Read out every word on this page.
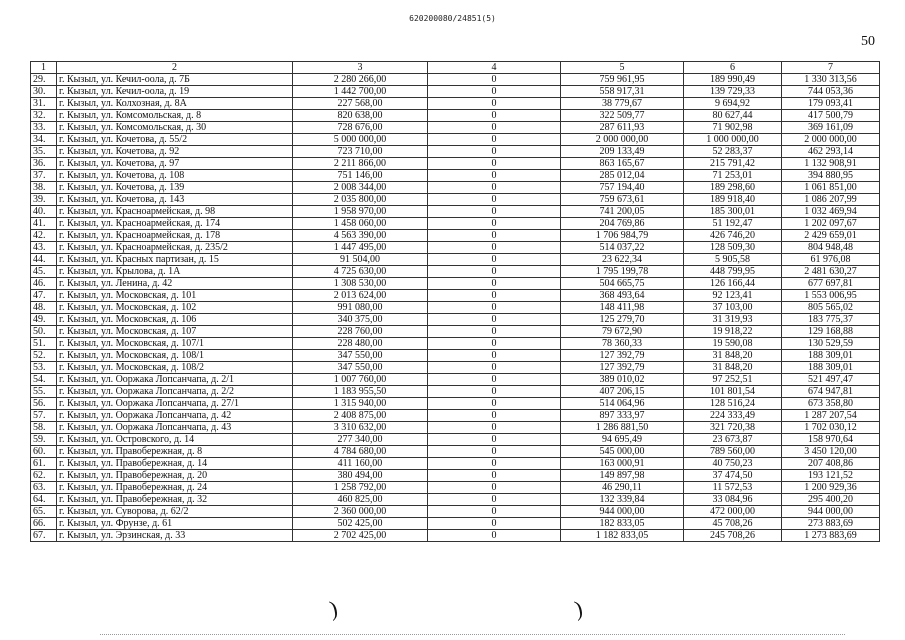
620200080/24851(5)
50
1	2	3	4	5	6	7
29.	г. Кызыл, ул. Кечил-оола, д. 7Б	2 280 266,00	0	759 961,95	189 990,49	1 330 313,56
30.	г. Кызыл, ул. Кечил-оола, д. 19	1 442 700,00	0	558 917,31	139 729,33	744 053,36
31.	г. Кызыл, ул. Колхозная, д. 8А	227 568,00	0	38 779,67	9 694,92	179 093,41
32.	г. Кызыл, ул. Комсомольская, д. 8	820 638,00	0	322 509,77	80 627,44	417 500,79
33.	г. Кызыл, ул. Комсомольская, д. 30	728 676,00	0	287 611,93	71 902,98	369 161,09
34.	г. Кызыл, ул. Кочетова, д. 55/2	5 000 000,00	0	2 000 000,00	1 000 000,00	2 000 000,00
35.	г. Кызыл, ул. Кочетова, д. 92	723 710,00	0	209 133,49	52 283,37	462 293,14
36.	г. Кызыл, ул. Кочетова, д. 97	2 211 866,00	0	863 165,67	215 791,42	1 132 908,91
37.	г. Кызыл, ул. Кочетова, д. 108	751 146,00	0	285 012,04	71 253,01	394 880,95
38.	г. Кызыл, ул. Кочетова, д. 139	2 008 344,00	0	757 194,40	189 298,60	1 061 851,00
39.	г. Кызыл, ул. Кочетова, д. 143	2 035 800,00	0	759 673,61	189 918,40	1 086 207,99
40.	г. Кызыл, ул. Красноармейская, д. 98	1 958 970,00	0	741 200,05	185 300,01	1 032 469,94
41.	г. Кызыл, ул. Красноармейская, д. 174	1 458 060,00	0	204 769,86	51 192,47	1 202 097,67
42.	г. Кызыл, ул. Красноармейская, д. 178	4 563 390,00	0	1 706 984,79	426 746,20	2 429 659,01
43.	г. Кызыл, ул. Красноармейская, д. 235/2	1 447 495,00	0	514 037,22	128 509,30	804 948,48
44.	г. Кызыл, ул. Красных партизан, д. 15	91 504,00	0	23 622,34	5 905,58	61 976,08
45.	г. Кызыл, ул. Крылова, д. 1А	4 725 630,00	0	1 795 199,78	448 799,95	2 481 630,27
46.	г. Кызыл, ул. Ленина, д. 42	1 308 530,00	0	504 665,75	126 166,44	677 697,81
47.	г. Кызыл, ул. Московская, д. 101	2 013 624,00	0	368 493,64	92 123,41	1 553 006,95
48.	г. Кызыл, ул. Московская, д. 102	991 080,00	0	148 411,98	37 103,00	805 565,02
49.	г. Кызыл, ул. Московская, д. 106	340 375,00	0	125 279,70	31 319,93	183 775,37
50.	г. Кызыл, ул. Московская, д. 107	228 760,00	0	79 672,90	19 918,22	129 168,88
51.	г. Кызыл, ул. Московская, д. 107/1	228 480,00	0	78 360,33	19 590,08	130 529,59
52.	г. Кызыл, ул. Московская, д. 108/1	347 550,00	0	127 392,79	31 848,20	188 309,01
53.	г. Кызыл, ул. Московская, д. 108/2	347 550,00	0	127 392,79	31 848,20	188 309,01
54.	г. Кызыл, ул. Ооржака Лопсанчапа, д. 2/1	1 007 760,00	0	389 010,02	97 252,51	521 497,47
55.	г. Кызыл, ул. Ооржака Лопсанчапа, д. 2/2	1 183 955,50	0	407 206,15	101 801,54	674 947,81
56.	г. Кызыл, ул. Ооржака Лопсанчапа, д. 27/1	1 315 940,00	0	514 064,96	128 516,24	673 358,80
57.	г. Кызыл, ул. Ооржака Лопсанчапа, д. 42	2 408 875,00	0	897 333,97	224 333,49	1 287 207,54
58.	г. Кызыл, ул. Ооржака Лопсанчапа, д. 43	3 310 632,00	0	1 286 881,50	321 720,38	1 702 030,12
59.	г. Кызыл, ул. Островского, д. 14	277 340,00	0	94 695,49	23 673,87	158 970,64
60.	г. Кызыл, ул. Правобережная, д. 8	4 784 680,00	0	545 000,00	789 560,00	3 450 120,00
61.	г. Кызыл, ул. Правобережная, д. 14	411 160,00	0	163 000,91	40 750,23	207 408,86
62.	г. Кызыл, ул. Правобережная, д. 20	380 494,00	0	149 897,98	37 474,50	193 121,52
63.	г. Кызыл, ул. Правобережная, д. 24	1 258 792,00	0	46 290,11	11 572,53	1 200 929,36
64.	г. Кызыл, ул. Правобережная, д. 32	460 825,00	0	132 339,84	33 084,96	295 400,20
65.	г. Кызыл, ул. Суворова, д. 62/2	2 360 000,00	0	944 000,00	472 000,00	944 000,00
66.	г. Кызыл, ул. Фрунзе, д. 61	502 425,00	0	182 833,05	45 708,26	273 883,69
67.	г. Кызыл, ул. Эрзинская, д. 33	2 702 425,00	0	1 182 833,05	245 708,26	1 273 883,69
)	)
